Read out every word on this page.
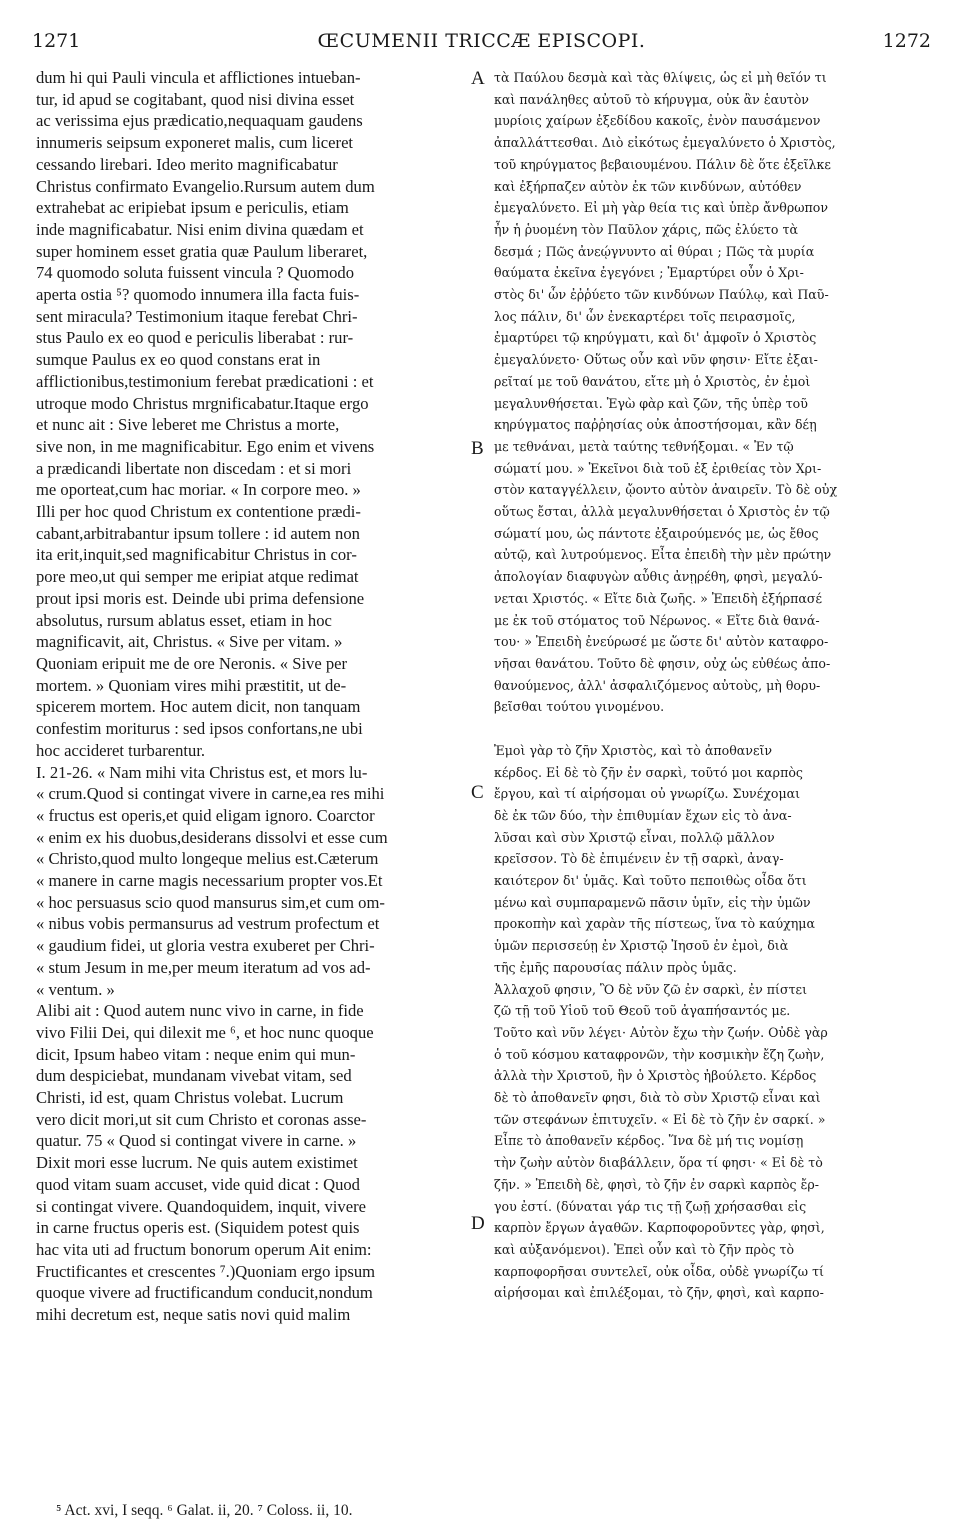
1271	ŒCUMENII TRICCÆ EPISCOPI.	1272
dum hi qui Pauli vincula et afflictiones intueban-
tur, id apud se cogitabant, quod nisi divina esset
ac verissima ejus prædicatio,nequaquam gaudens
innumeris seipsum exponeret malis, cum liceret
cessando lirebari. Ideo merito magnificabatur
Christus confirmato Evangelio.Rursum autem dum
extrahebat ac eripiebat ipsum e periculis, etiam
inde magnificabatur. Nisi enim divina quædam et
super hominem esset gratia quæ Paulum liberaret,
74 quomodo soluta fuissent vincula ? Quomodo
aperta ostia ⁵? quomodo innumera illa facta fuis-
sent miracula? Testimonium itaque ferebat Chri-
stus Paulo ex eo quod e periculis liberabat : rur-
sumque Paulus ex eo quod constans erat in
afflictionibus,testimonium ferebat prædicationi : et
utroque modo Christus mrgnificabatur.Itaque ergo
et nunc ait : Sive leberet me Christus a morte,
sive non, in me magnificabitur. Ego enim et vivens
a prædicandi libertate non discedam : et si mori
me oporteat,cum hac moriar. « In corpore meo. »
Illi per hoc quod Christum ex contentione prædi-
cabant,arbitrabantur ipsum tollere : id autem non
ita erit,inquit,sed magnificabitur Christus in cor-
pore meo,ut qui semper me eripiat atque redimat
prout ipsi moris est. Deinde ubi prima defensione
absolutus, rursum ablatus esset, etiam in hoc
magnificavit, ait, Christus. « Sive per vitam. »
Quoniam eripuit me de ore Neronis. « Sive per
mortem. » Quoniam vires mihi præstitit, ut de-
spicerem mortem. Hoc autem dicit, non tanquam
confestim moriturus : sed ipsos confortans,ne ubi
hoc accideret turbarentur.
I. 21-26. « Nam mihi vita Christus est, et mors lu-
« crum.Quod si contingat vivere in carne,ea res mihi
« fructus est operis,et quid eligam ignoro. Coarctor
« enim ex his duobus,desiderans dissolvi et esse cum
« Christo,quod multo longeque melius est.Cæterum
« manere in carne magis necessarium propter vos.Et
« hoc persuasus scio quod mansurus sim,et cum om-
« nibus vobis permansurus ad vestrum profectum et
« gaudium fidei, ut gloria vestra exuberet per Chri-
« stum Jesum in me,per meum iteratum ad vos ad-
« ventum. »
Alibi ait : Quod autem nunc vivo in carne, in fide
vivo Filii Dei, qui dilexit me ⁶, et hoc nunc quoque
dicit, Ipsum habeo vitam : neque enim qui mun-
dum despiciebat, mundanam vivebat vitam, sed
Christi, id est, quam Christus volebat. Lucrum
vero dicit mori,ut sit cum Christo et coronas asse-
quatur. 75 « Quod si contingat vivere in carne. »
Dixit mori esse lucrum. Ne quis autem existimet
quod vitam suam accuset, vide quid dicat : Quod
si contingat vivere. Quandoquidem, inquit, vivere
in carne fructus operis est. (Siquidem potest quis
hac vita uti ad fructum bonorum operum Ait enim:
Fructificantes et crescentes ⁷.)Quoniam ergo ipsum
quoque vivere ad fructificandum conducit,nondum
mihi decretum est, neque satis novi quid malim
τὰ Παύλου δεσμὰ καὶ τὰς θλίψεις, ὡς εἰ μὴ θεῖόν τι
καὶ πανάληθες αὐτοῦ τὸ κήρυγμα, οὐκ ἂν ἑαυτὸν
μυρίοις χαίρων ἐξεδίδου κακοῖς, ἐνὸν παυσάμενον
ἀπαλλάττεσθαι. Διὸ εἰκότως ἐμεγαλύνετο ὁ Χριστὸς,
τοῦ κηρύγματος βεβαιουμένου. Πάλιν δὲ ὅτε ἐξεῖλκε
καὶ ἐξήρπαζεν αὐτὸν ἐκ τῶν κινδύνων, αὐτόθεν
ἐμεγαλύνετο. Εἰ μὴ γὰρ θεία τις καὶ ὑπὲρ ἄνθρωπον
ἦν ἡ ῥυομένη τὸν Παῦλον χάρις, πῶς ἐλύετο τὰ
δεσμά ; Πῶς ἀνεῴγνυντο αἱ θύραι ; Πῶς τὰ μυρία
θαύματα ἐκεῖνα ἐγεγόνει ; Ἐμαρτύρει οὖν ὁ Χρι-
στὸς δι' ὧν ἐῤῥύετο τῶν κινδύνων Παύλῳ, καὶ Παῦ-
λος πάλιν, δι' ὧν ἐνεκαρτέρει τοῖς πειρασμοῖς,
ἐμαρτύρει τῷ κηρύγματι, καὶ δι' ἀμφοῖν ὁ Χριστὸς
ἐμεγαλύνετο· Οὕτως οὖν καὶ νῦν φησιν· Εἴτε ἐξαι-
ρεῖταί με τοῦ θανάτου, εἴτε μὴ ὁ Χριστὸς, ἐν ἐμοὶ
μεγαλυνθήσεται. Ἐγὼ φὰρ καὶ ζῶν, τῆς ὑπὲρ τοῦ
κηρύγματος παῤῥησίας οὐκ ἀποστήσομαι, κἂν δέῃ
με τεθνάναι, μετὰ ταύτης τεθνήξομαι. « Ἐν τῷ
σώματί μου. » Ἐκεῖνοι διὰ τοῦ ἐξ ἐριθείας τὸν Χρι-
στὸν καταγγέλλειν, ᾤοντο αὐτὸν ἀναιρεῖν. Τὸ δὲ οὐχ
οὕτως ἔσται, ἀλλὰ μεγαλυνθήσεται ὁ Χριστὸς ἐν τῷ
σώματί μου, ὡς πάντοτε ἐξαιρούμενός με, ὡς ἔθος
αὐτῷ, καὶ λυτρούμενος. Εἶτα ἐπειδὴ τὴν μὲν πρώτην
ἀπολογίαν διαφυγὼν αὖθις ἀνῃρέθη, φησὶ, μεγαλύ-
νεται Χριστός. « Εἴτε διὰ ζωῆς. » Ἐπειδὴ ἐξήρπασέ
με ἐκ τοῦ στόματος τοῦ Νέρωνος. « Εἴτε διὰ θανά-
του· » Ἐπειδὴ ἐνεύρωσέ με ὥστε δι' αὐτὸν καταφρο-
νῆσαι θανάτου. Τοῦτο δὲ φησιν, οὐχ ὡς εὐθέως ἀπο-
θανούμενος, ἀλλ' ἀσφαλιζόμενος αὐτοὺς, μὴ θορυ-
βεῖσθαι τούτου γινομένου.

Ἐμοὶ γὰρ τὸ ζῆν Χριστὸς, καὶ τὸ ἀποθανεῖν
κέρδος. Εἰ δὲ τὸ ζῆν ἐν σαρκὶ, τοῦτό μοι καρπὸς
ἔργου, καὶ τί αἱρήσομαι οὐ γνωρίζω. Συνέχομαι
δὲ ἐκ τῶν δύο, τὴν ἐπιθυμίαν ἔχων εἰς τὸ ἀνα-
λῦσαι καὶ σὺν Χριστῷ εἶναι, πολλῷ μᾶλλον
κρεῖσσον. Τὸ δὲ ἐπιμένειν ἐν τῇ σαρκὶ, ἀναγ-
καιότερον δι' ὑμᾶς. Καὶ τοῦτο πεποιθὼς οἶδα ὅτι
μένω καὶ συμπαραμενῶ πᾶσιν ὑμῖν, εἰς τὴν ὑμῶν
προκοπὴν καὶ χαρὰν τῆς πίστεως, ἵνα τὸ καύχημα
ὑμῶν περισσεύῃ ἐν Χριστῷ Ἰησοῦ ἐν ἐμοὶ, διὰ
τῆς ἐμῆς παρουσίας πάλιν πρὸς ὑμᾶς.
Ἀλλαχοῦ φησιν, Ὃ δὲ νῦν ζῶ ἐν σαρκὶ, ἐν πίστει
ζῶ τῇ τοῦ Υἱοῦ τοῦ Θεοῦ τοῦ ἀγαπήσαντός με.
Τοῦτο καὶ νῦν λέγει· Αὐτὸν ἔχω τὴν ζωήν. Οὐδὲ γὰρ
ὁ τοῦ κόσμου καταφρονῶν, τὴν κοσμικὴν ἔζη ζωὴν,
ἀλλὰ τὴν Χριστοῦ, ἣν ὁ Χριστὸς ἠβούλετο. Κέρδος
δὲ τὸ ἀποθανεῖν φησι, διὰ τὸ σὺν Χριστῷ εἶναι καὶ
τῶν στεφάνων ἐπιτυχεῖν. « Εἰ δὲ τὸ ζῆν ἐν σαρκί. »
Εἶπε τὸ ἀποθανεῖν κέρδος. Ἵνα δὲ μή τις νομίσῃ
τὴν ζωὴν αὐτὸν διαβάλλειν, ὅρα τί φησι· « Εἰ δὲ τὸ
ζῆν. » Ἐπειδὴ δὲ, φησὶ, τὸ ζῆν ἐν σαρκὶ καρπὸς ἔρ-
γου ἐστί. (δύναται γάρ τις τῇ ζωῇ χρήσασθαι εἰς
καρπὸν ἔργων ἀγαθῶν. Καρποφοροῦντες γὰρ, φησὶ,
καὶ αὐξανόμενοι). Ἐπεὶ οὖν καὶ τὸ ζῆν πρὸς τὸ
καρποφορῆσαι συντελεῖ, οὐκ οἶδα, οὐδὲ γνωρίζω τί
αἱρήσομαι καὶ ἐπιλέξομαι, τὸ ζῆν, φησὶ, καὶ καρπο-
A
B
C
D
⁵ Act. xvi, I seqq. ⁶ Galat. ii, 20. ⁷ Coloss. ii, 10.
